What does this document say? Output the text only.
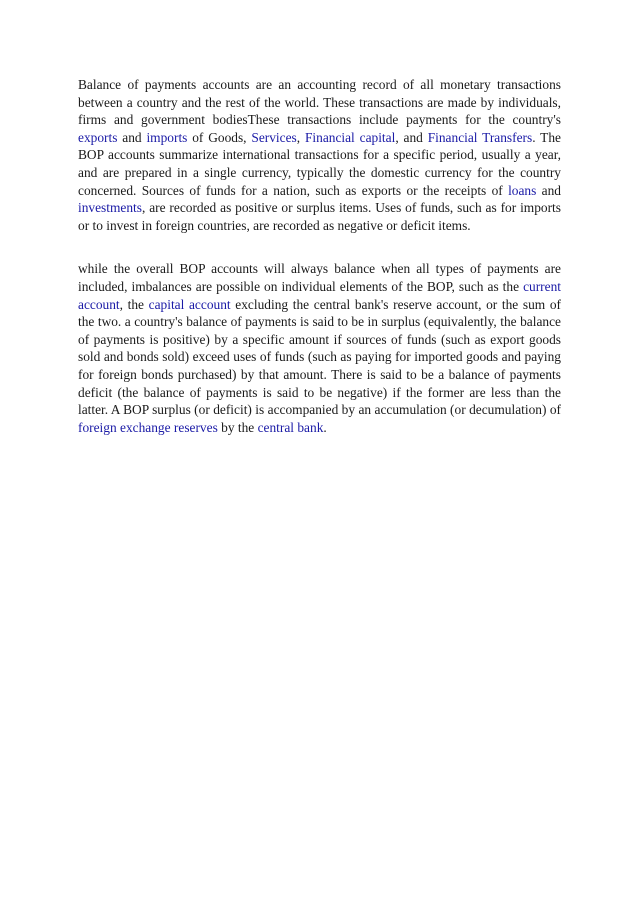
Balance of payments accounts are an accounting record of all monetary transactions between a country and the rest of the world. These transactions are made by individuals, firms and government bodiesThese transactions include payments for the country's exports and imports of Goods, Services, Financial capital, and Financial Transfers. The BOP accounts summarize international transactions for a specific period, usually a year, and are prepared in a single currency, typically the domestic currency for the country concerned. Sources of funds for a nation, such as exports or the receipts of loans and investments, are recorded as positive or surplus items. Uses of funds, such as for imports or to invest in foreign countries, are recorded as negative or deficit items.

while the overall BOP accounts will always balance when all types of payments are included, imbalances are possible on individual elements of the BOP, such as the current account, the capital account excluding the central bank's reserve account, or the sum of the two. a country's balance of payments is said to be in surplus (equivalently, the balance of payments is positive) by a specific amount if sources of funds (such as export goods sold and bonds sold) exceed uses of funds (such as paying for imported goods and paying for foreign bonds purchased) by that amount. There is said to be a balance of payments deficit (the balance of payments is said to be negative) if the former are less than the latter. A BOP surplus (or deficit) is accompanied by an accumulation (or decumulation) of foreign exchange reserves by the central bank.
